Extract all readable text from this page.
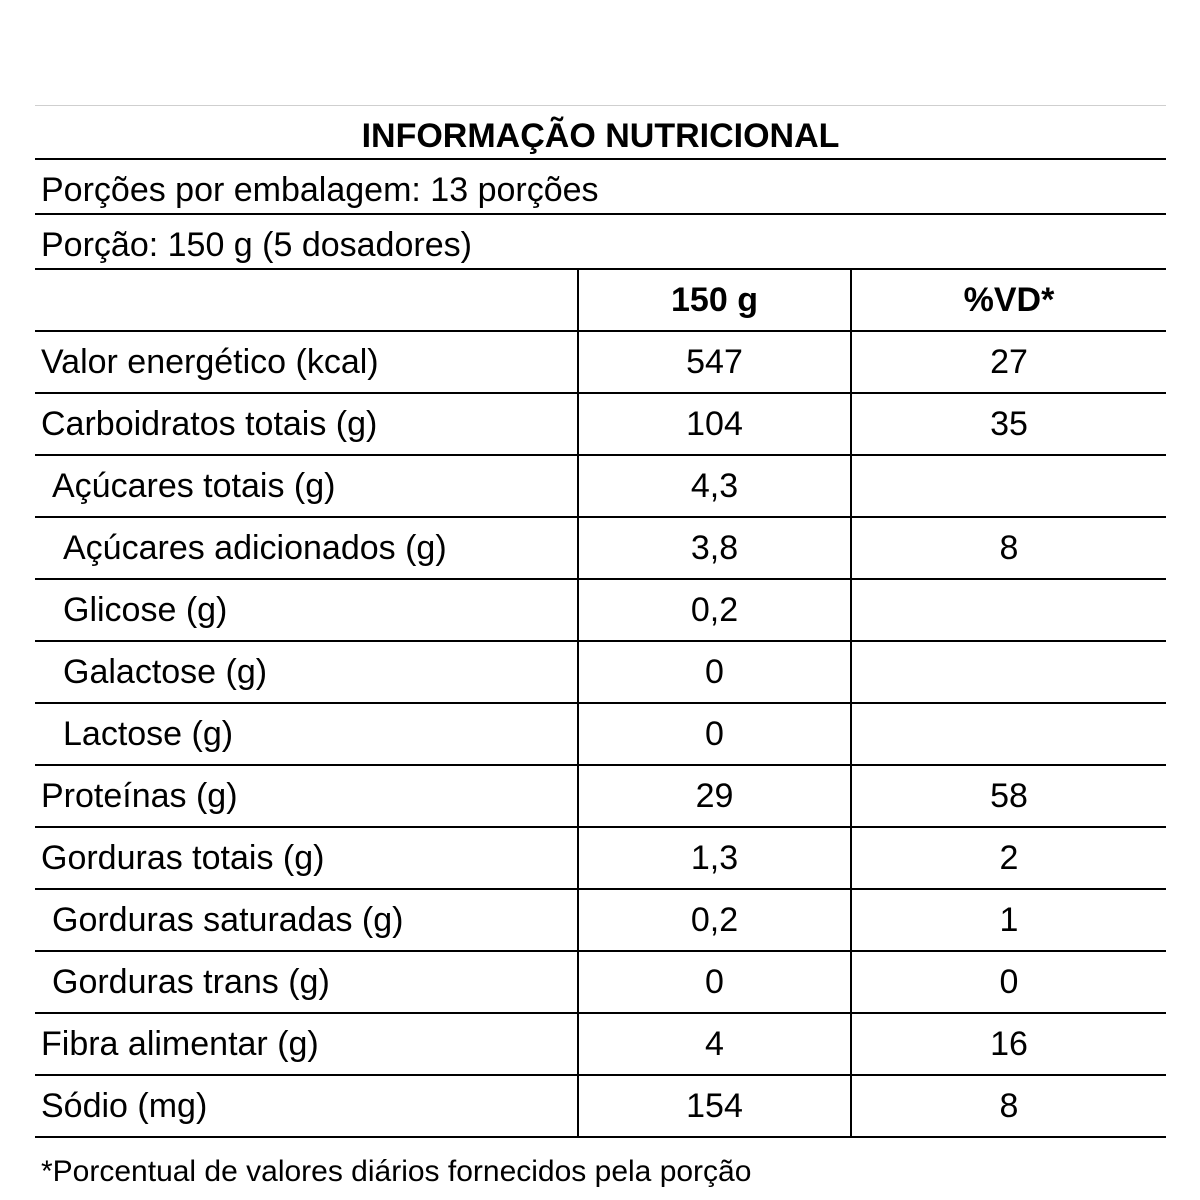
INFORMAÇÃO NUTRICIONAL
Porções por embalagem: 13 porções
Porção: 150 g (5 dosadores)
	150 g	%VD*
Valor energético (kcal)	547	27
Carboidratos totais (g)	104	35
Açúcares totais (g)	4,3	
Açúcares adicionados (g)	3,8	8
Glicose (g)	0,2	
Galactose (g)	0	
Lactose (g)	0	
Proteínas (g)	29	58
Gorduras totais (g)	1,3	2
Gorduras saturadas (g)	0,2	1
Gorduras trans (g)	0	0
Fibra alimentar (g)	4	16
Sódio (mg)	154	8
*Porcentual de valores diários fornecidos pela porção
